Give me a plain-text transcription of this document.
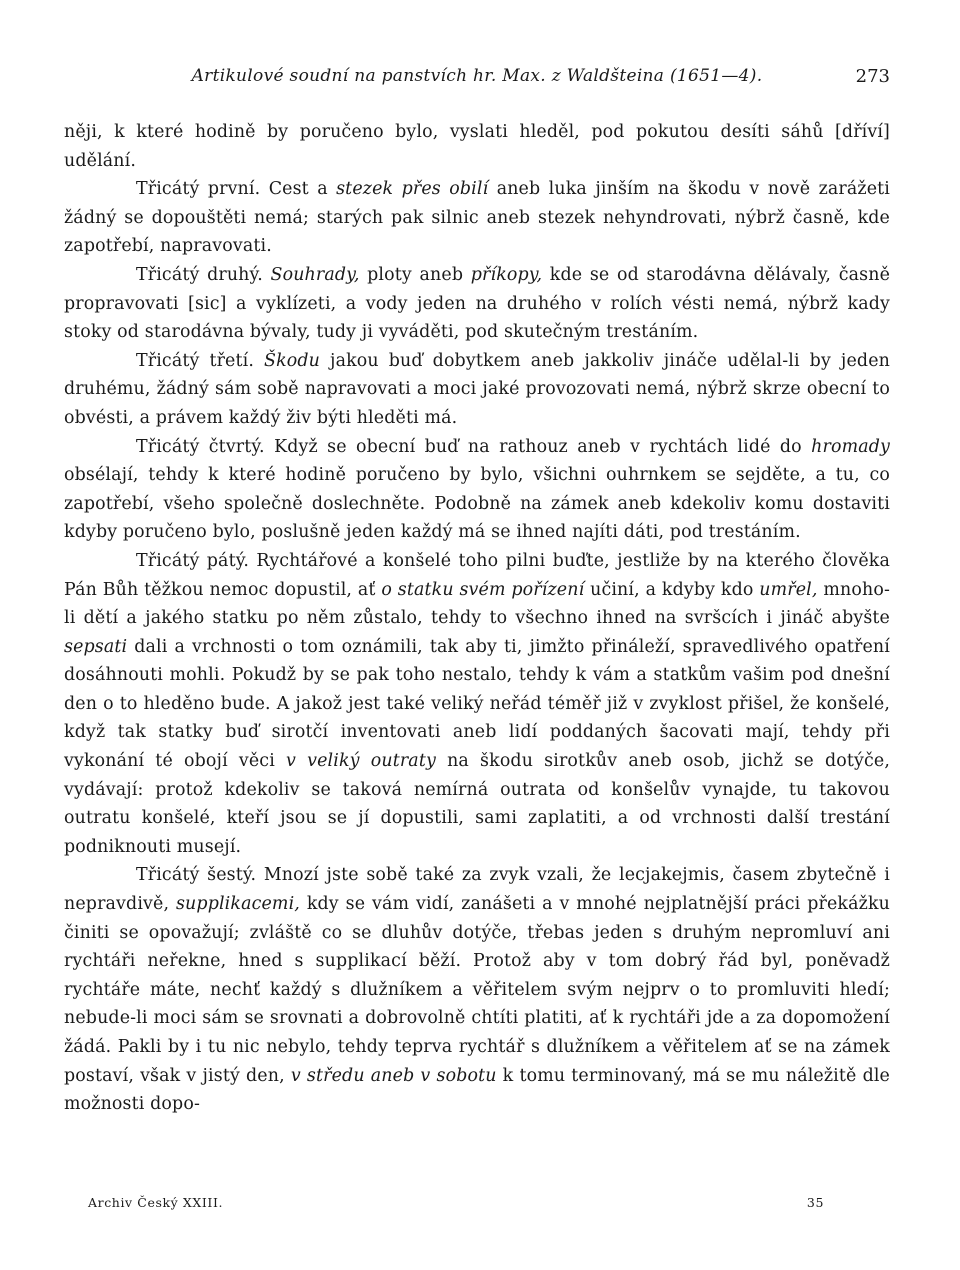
Artikulové soudní na panstvích hr. Max. z Waldšteina (1651—4).	273

něji, k které hodině by poručeno bylo, vyslati hleděl, pod pokutou desíti sáhů [dříví] udělání.

Třicátý první. Cest a stezek přes obilí aneb luka jinším na škodu v nově zarážeti žádný se dopouštěti nemá; starých pak silnic aneb stezek nehyndrovati, nýbrž časně, kde zapotřebí, napravovati.

Třicátý druhý. Souhrady, ploty aneb příkopy, kde se od starodávna dělávaly, časně propravovati [sic] a vyklízeti, a vody jeden na druhého v rolích vésti nemá, nýbrž kady stoky od starodávna bývaly, tudy ji vyváděti, pod skutečným trestáním.

Třicátý třetí. Škodu jakou buď dobytkem aneb jakkoliv jináče udělal-li by jeden druhému, žádný sám sobě napravovati a moci jaké provozovati nemá, nýbrž skrze obecní to obvésti, a právem každý živ býti hleděti má.

Třicátý čtvrtý. Když se obecní buď na rathouz aneb v rychtách lidé do hromady obsélají, tehdy k které hodině poručeno by bylo, všichni ouhrnkem se sejděte, a tu, co zapotřebí, všeho společně doslechněte. Podobně na zámek aneb kdekoliv komu dostaviti kdyby poručeno bylo, poslušně jeden každý má se ihned najíti dáti, pod trestáním.

Třicátý pátý. Rychtářové a konšelé toho pilni buďte, jestliže by na kterého člověka Pán Bůh těžkou nemoc dopustil, ať o statku svém pořízení učiní, a kdyby kdo umřel, mnoho-li dětí a jakého statku po něm zůstalo, tehdy to všechno ihned na svršcích i jináč abyšte sepsati dali a vrchnosti o tom oznámili, tak aby ti, jimžto přináleží, spravedlivého opatření dosáhnouti mohli. Pokudž by se pak toho nestalo, tehdy k vám a statkům vašim pod dnešní den o to hleděno bude. A jakož jest také veliký neřád téměř již v zvyklost přišel, že konšelé, když tak statky buď sirotčí inventovati aneb lidí poddaných šacovati mají, tehdy při vykonání té obojí věci v veliký outraty na škodu sirotkův aneb osob, jichž se dotýče, vydávají: protož kdekoliv se taková nemírná outrata od konšelův vynajde, tu takovou outratu konšelé, kteří jsou se jí dopustili, sami zaplatiti, a od vrchnosti další trestání podniknouti musejí.

Třicátý šestý. Mnozí jste sobě také za zvyk vzali, že lecjakejmis, časem zbytečně i nepravdivě, supplikacemi, kdy se vám vidí, zanášeti a v mnohé nejplatnější práci překážku činiti se opovažují; zvláště co se dluhův dotýče, třebas jeden s druhým nepromluví ani rychtáři neřekne, hned s supplikací běží. Protož aby v tom dobrý řád byl, poněvadž rychtáře máte, nechť každý s dlužníkem a věřitelem svým nejprv o to promluviti hledí; nebude-li moci sám se srovnati a dobrovolně chtíti platiti, ať k rychtáři jde a za dopomožení žádá. Pakli by i tu nic nebylo, tehdy teprva rychtář s dlužníkem a věřitelem ať se na zámek postaví, však v jistý den, v středu aneb v sobotu k tomu terminovaný, má se mu náležitě dle možnosti dopo-

Archiv Český XXIII.	35
